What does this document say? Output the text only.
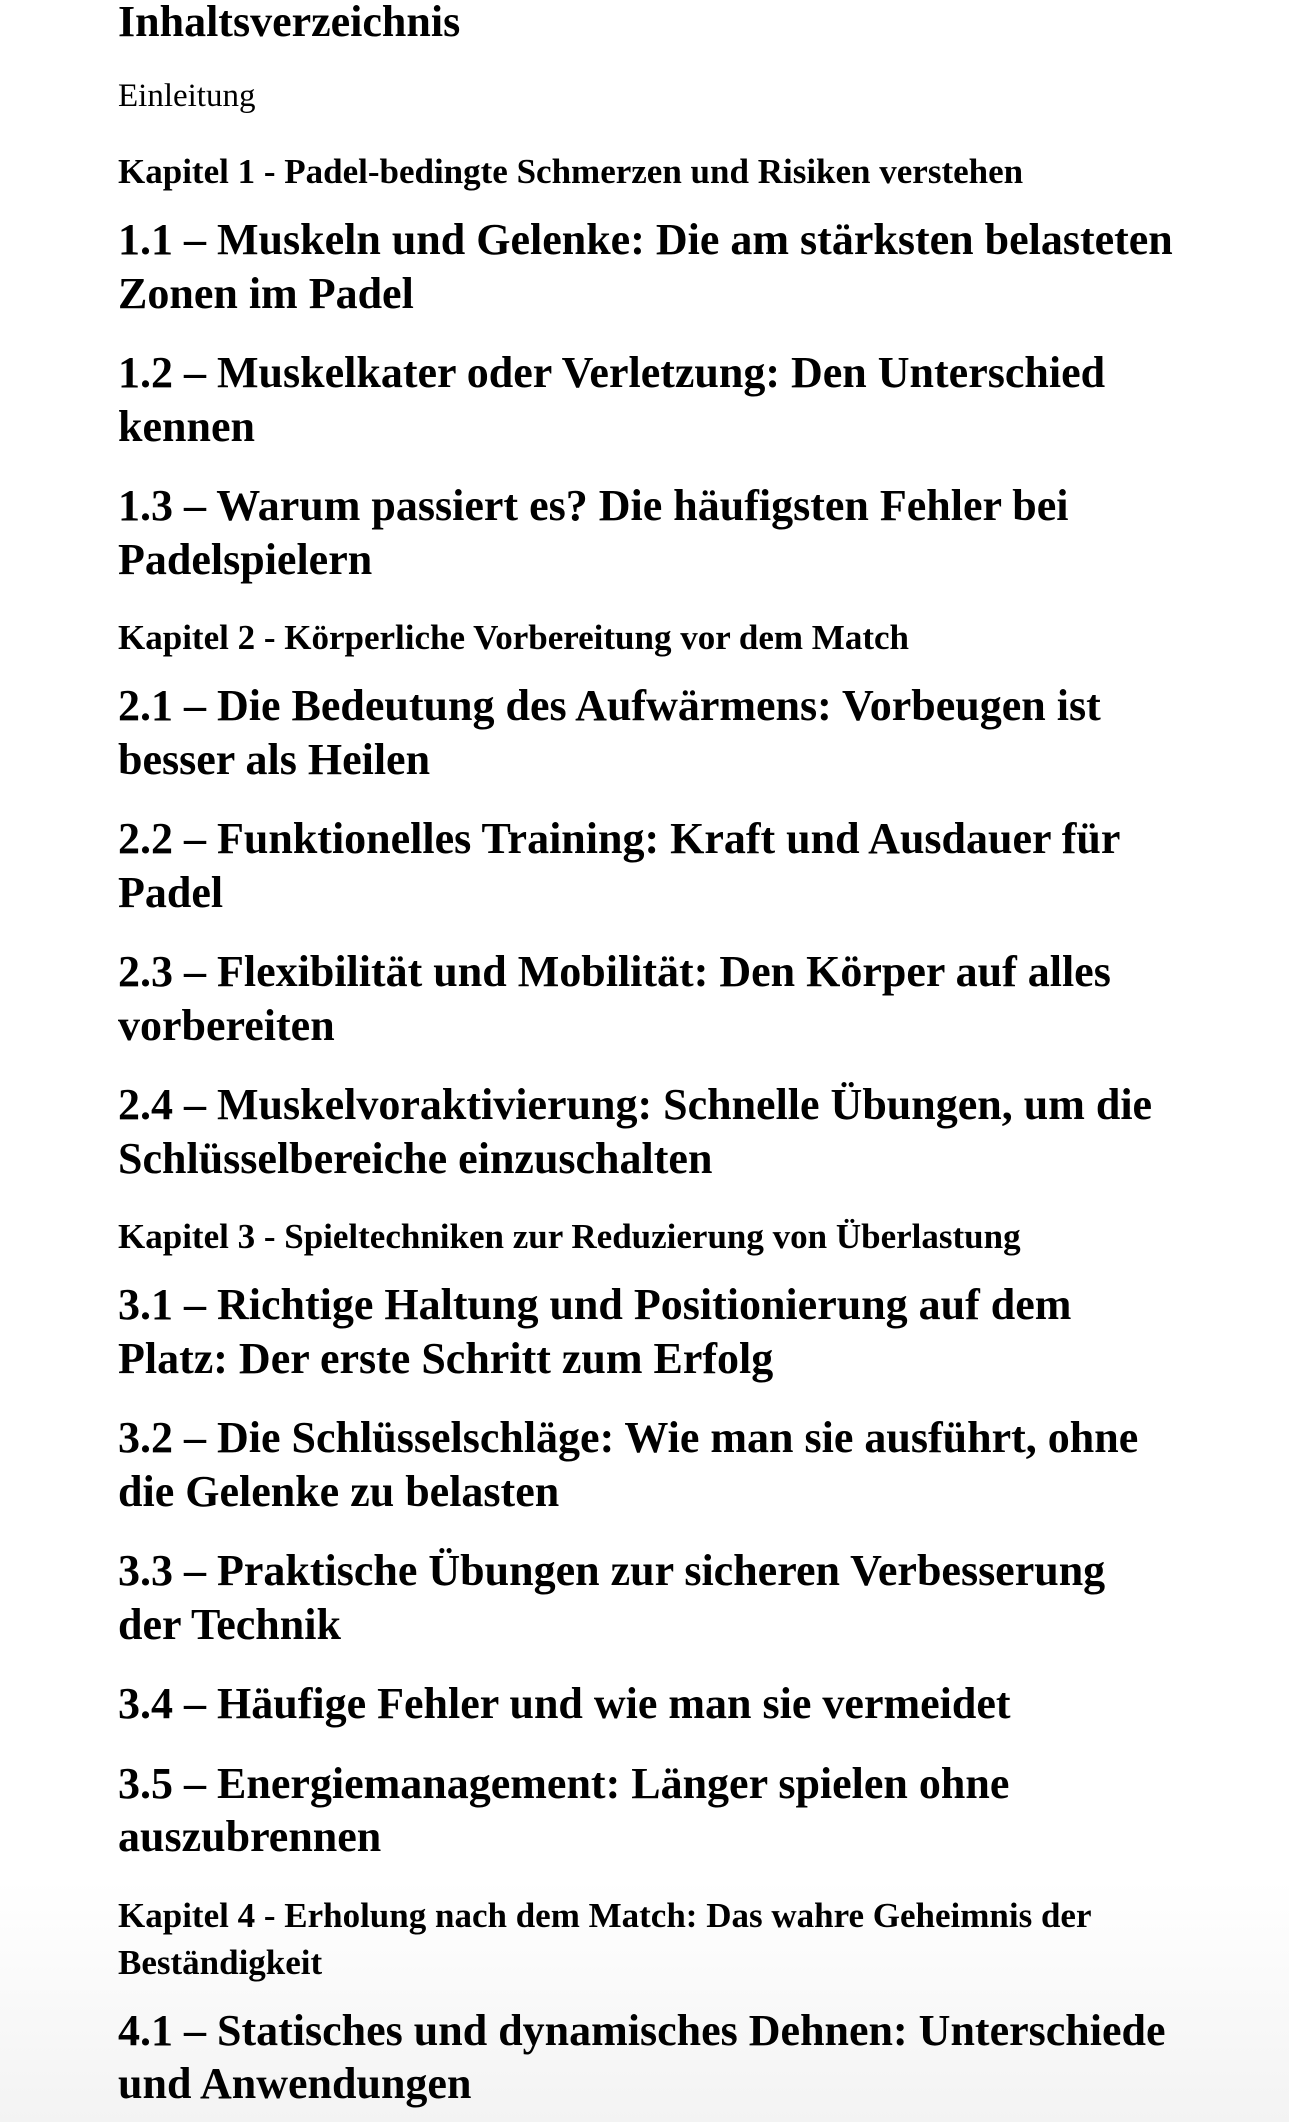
Inhaltsverzeichnis
Einleitung
Kapitel 1 - Padel-bedingte Schmerzen und Risiken verstehen
1.1 – Muskeln und Gelenke: Die am stärksten belasteten Zonen im Padel
1.2 – Muskelkater oder Verletzung: Den Unterschied kennen
1.3 – Warum passiert es? Die häufigsten Fehler bei Padelspielern
Kapitel 2 - Körperliche Vorbereitung vor dem Match
2.1 – Die Bedeutung des Aufwärmens: Vorbeugen ist besser als Heilen
2.2 – Funktionelles Training: Kraft und Ausdauer für Padel
2.3 – Flexibilität und Mobilität: Den Körper auf alles vorbereiten
2.4 – Muskelvoraktivierung: Schnelle Übungen, um die Schlüsselbereiche einzuschalten
Kapitel 3 - Spieltechniken zur Reduzierung von Überlastung
3.1 – Richtige Haltung und Positionierung auf dem Platz: Der erste Schritt zum Erfolg
3.2 – Die Schlüsselschläge: Wie man sie ausführt, ohne die Gelenke zu belasten
3.3 – Praktische Übungen zur sicheren Verbesserung der Technik
3.4 – Häufige Fehler und wie man sie vermeidet
3.5 – Energiemanagement: Länger spielen ohne auszubrennen
Kapitel 4 - Erholung nach dem Match: Das wahre Geheimnis der Beständigkeit
4.1 – Statisches und dynamisches Dehnen: Unterschiede und Anwendungen
